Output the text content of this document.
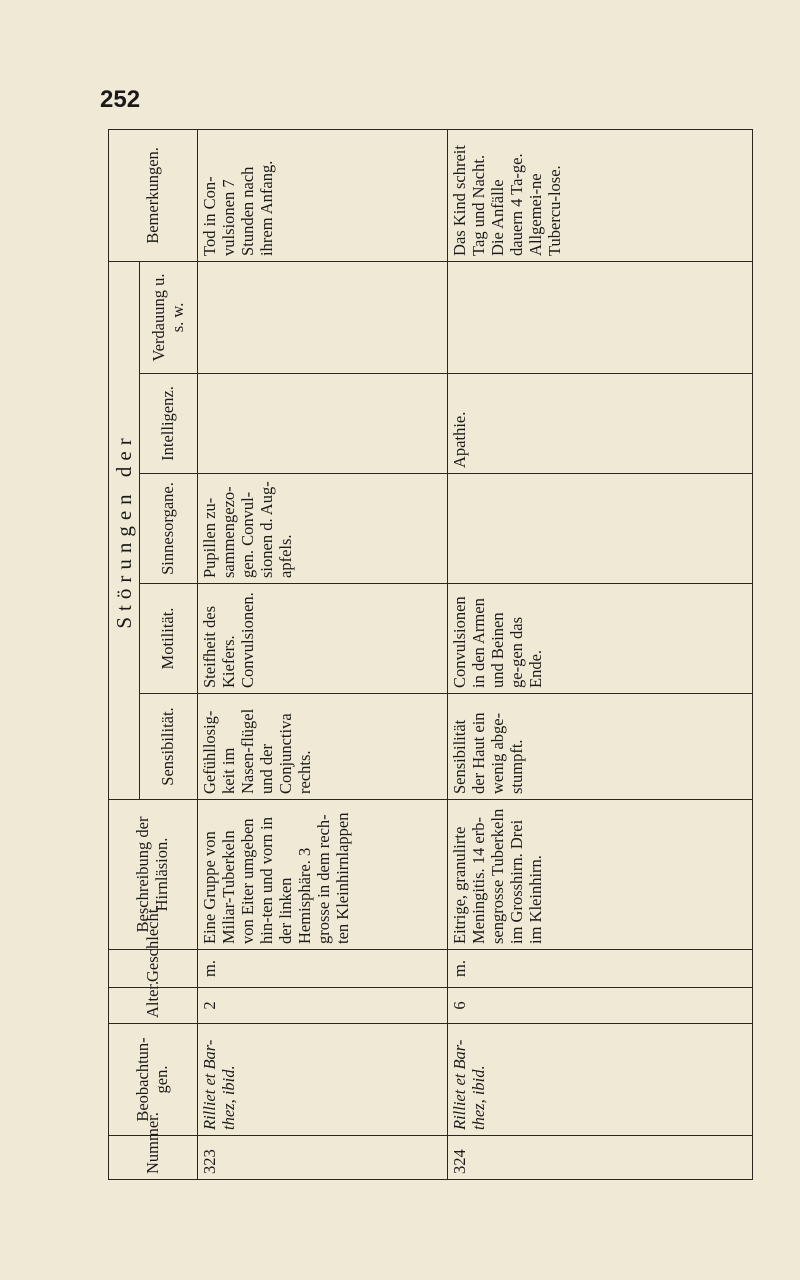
252
Nummer.	Beobachtun-gen.	Alter.	Geschlecht.	Beschreibung der Hirnläsion.	Störungen der					Bemerkungen.
					Sensibilität.	Motilität.	Sinnesorgane.	Intelligenz.	Verdauung u. s. w.	
323	Rilliet et Bar-thez, ibid.	2	m.	Eine Gruppe von Miliar-Tuberkeln von Eiter umgeben hin-ten und vorn in der linken Hemisphäre. 3 grosse in dem rech-ten Kleinhirnlappen	Gefühllosig-keit im Nasen-flügel und der Conjunctiva rechts.	Steifheit des Kiefers. Convulsionen.	Pupillen zu-sammengezo-gen. Convul-sionen d. Aug-apfels.			Tod in Con-vulsionen 7 Stunden nach ihrem Anfang.
324	Rilliet et Bar-thez, ibid.	6	m.	Eitrige, granulirte Meningitis. 14 erb-sengrosse Tuberkeln im Grosshirn. Drei im Kleinhirn.	Sensibilität der Haut ein wenig abge-stumpft.	Convulsionen in den Armen und Beinen ge-gen das Ende.		Apathie.		Das Kind schreit Tag und Nacht. Die Anfälle dauern 4 Ta-ge. Allgemei-ne Tubercu-lose.
